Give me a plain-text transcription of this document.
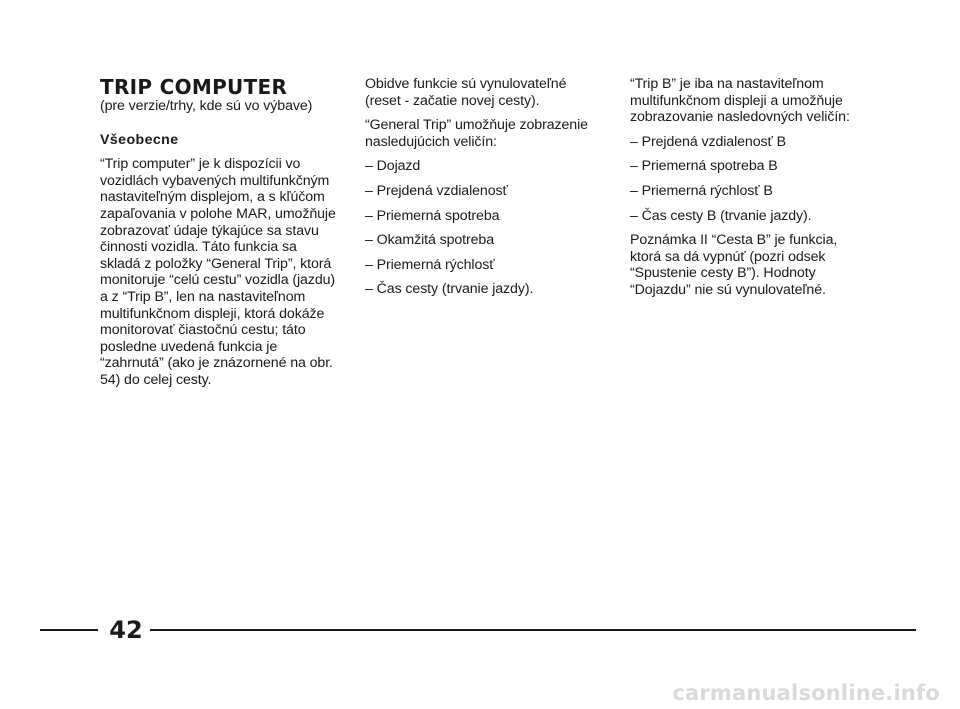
TRIP COMPUTER
(pre verzie/trhy, kde sú vo výbave)
Všeobecne

“Trip computer” je k dispozícii vo vozidlách vybavených multifunkčným nastaviteľným displejom, a s kľúčom zapaľovania v polohe MAR, umožňuje zobrazovať údaje týkajúce sa stavu činnosti vozidla. Táto funkcia sa skladá z položky “General Trip”, ktorá monitoruje “celú cestu” vozidla (jazdu) a z “Trip B”, len na nastaviteľnom multifunkčnom displeji, ktorá dokáže monitorovať čiastočnú cestu; táto posledne uvedená funkcia je “zahrnutá” (ako je znázornené na obr. 54) do celej cesty.

Obidve funkcie sú vynulovateľné (reset - začatie novej cesty).

“General Trip” umožňuje zobrazenie nasledujúcich veličín:

– Dojazd
– Prejdená vzdialenosť
– Priemerná spotreba
– Okamžitá spotreba
– Priemerná rýchlosť
– Čas cesty (trvanie jazdy).

“Trip B” je iba na nastaviteľnom multifunkčnom displeji a umožňuje zobrazovanie nasledovných veličín:

– Prejdená vzdialenosť B
– Priemerná spotreba B
– Priemerná rýchlosť B
– Čas cesty B (trvanie jazdy).

Poznámka II “Cesta B” je funkcia, ktorá sa dá vypnúť (pozri odsek “Spustenie cesty B”). Hodnoty “Dojazdu” nie sú vynulovateľné.

42
carmanualsonline.info
